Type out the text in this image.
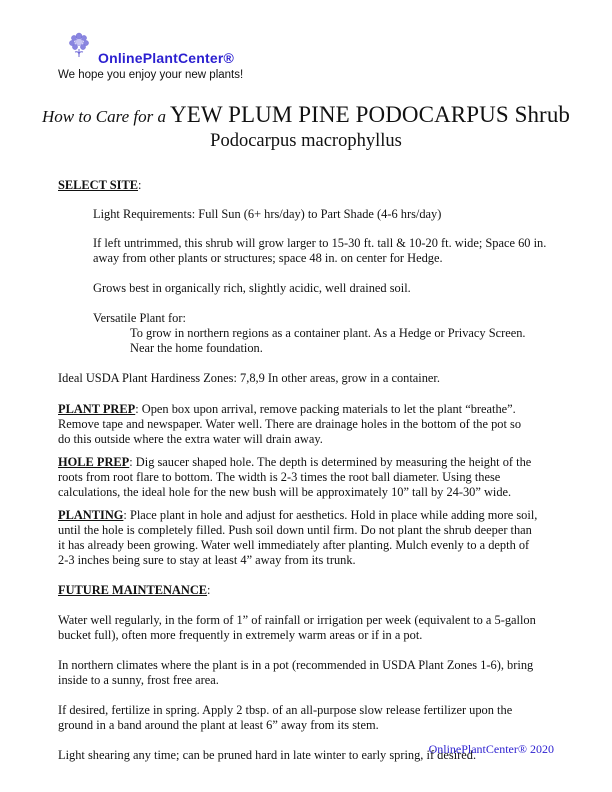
OnlinePlantCenter®
We hope you enjoy your new plants!
How to Care for a YEW PLUM PINE PODOCARPUS Shrub
Podocarpus macrophyllus

SELECT SITE:

Light Requirements: Full Sun (6+ hrs/day) to Part Shade (4-6 hrs/day)

If left untrimmed, this shrub will grow larger to 15-30 ft. tall & 10-20 ft. wide; Space 60 in.

away from other plants or structures; space 48 in. on center for Hedge.

Grows best in organically rich, slightly acidic, well drained soil.

Versatile Plant for:

To grow in northern regions as a container plant. As a Hedge or Privacy Screen.

Near the home foundation.

Ideal USDA Plant Hardiness Zones: 7,8,9 In other areas, grow in a container.

PLANT PREP: Open box upon arrival, remove packing materials to let the plant “breathe”.

Remove tape and newspaper. Water well. There are drainage holes in the bottom of the pot so

do this outside where the extra water will drain away.

HOLE PREP: Dig saucer shaped hole. The depth is determined by measuring the height of the

roots from root flare to bottom. The width is 2-3 times the root ball diameter. Using these

calculations, the ideal hole for the new bush will be approximately 10” tall by 24-30” wide.

PLANTING: Place plant in hole and adjust for aesthetics. Hold in place while adding more soil,

until the hole is completely filled. Push soil down until firm. Do not plant the shrub deeper than

it has already been growing. Water well immediately after planting. Mulch evenly to a depth of

2-3 inches being sure to stay at least 4” away from its trunk.

FUTURE MAINTENANCE:

Water well regularly, in the form of 1” of rainfall or irrigation per week (equivalent to a 5-gallon

bucket full), often more frequently in extremely warm areas or if in a pot.

In northern climates where the plant is in a pot (recommended in USDA Plant Zones 1-6), bring

inside to a sunny, frost free area.

If desired, fertilize in spring. Apply 2 tbsp. of an all-purpose slow release fertilizer upon the

ground in a band around the plant at least 6” away from its stem.

Light shearing any time; can be pruned hard in late winter to early spring, if desired.

OnlinePlantCenter® 2020
